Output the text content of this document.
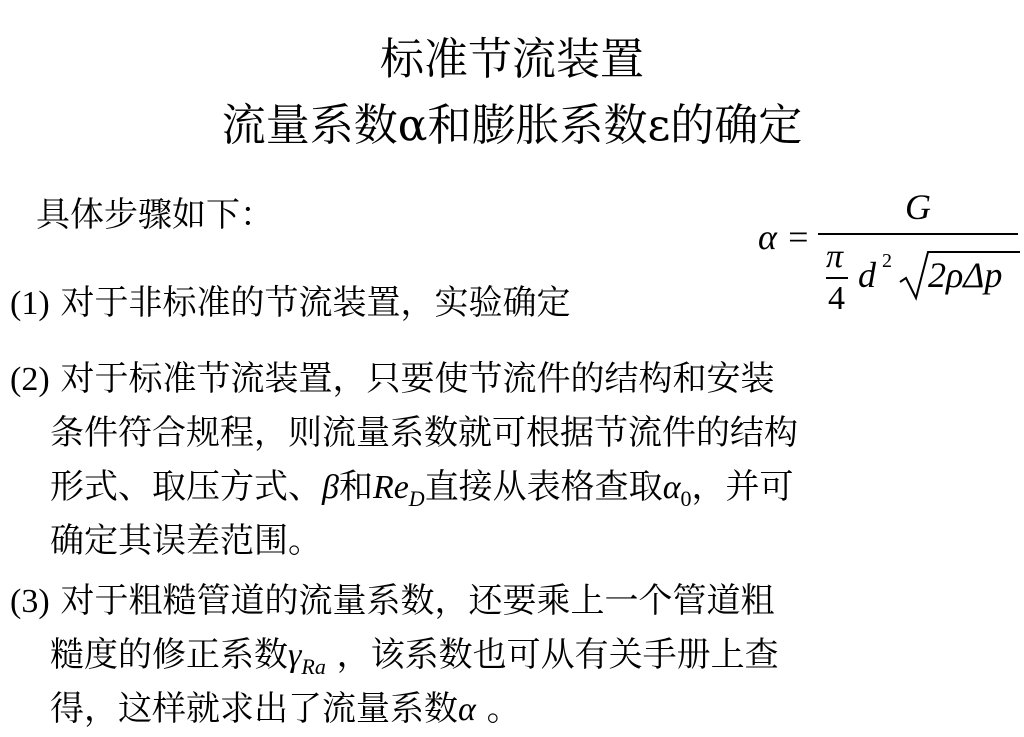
标准节流装置
流量系数α和膨胀系数ε的确定
具体步骤如下：
α =
G
π
4
d 2 2ρΔp
(1) 对于非标准的节流装置，实验确定
(2) 对于标准节流装置，只要使节流件的结构和安装
条件符合规程，则流量系数就可根据节流件的结构
形式、取压方式、β和$Re_D$直接从表格查取$\alpha_0$，并可
确定其误差范围。
(3) 对于粗糙管道的流量系数，还要乘上一个管道粗
糙度的修正系数$\gamma_{Ra}$ ，该系数也可从有关手册上查
得，这样就求出了流量系数α 。
